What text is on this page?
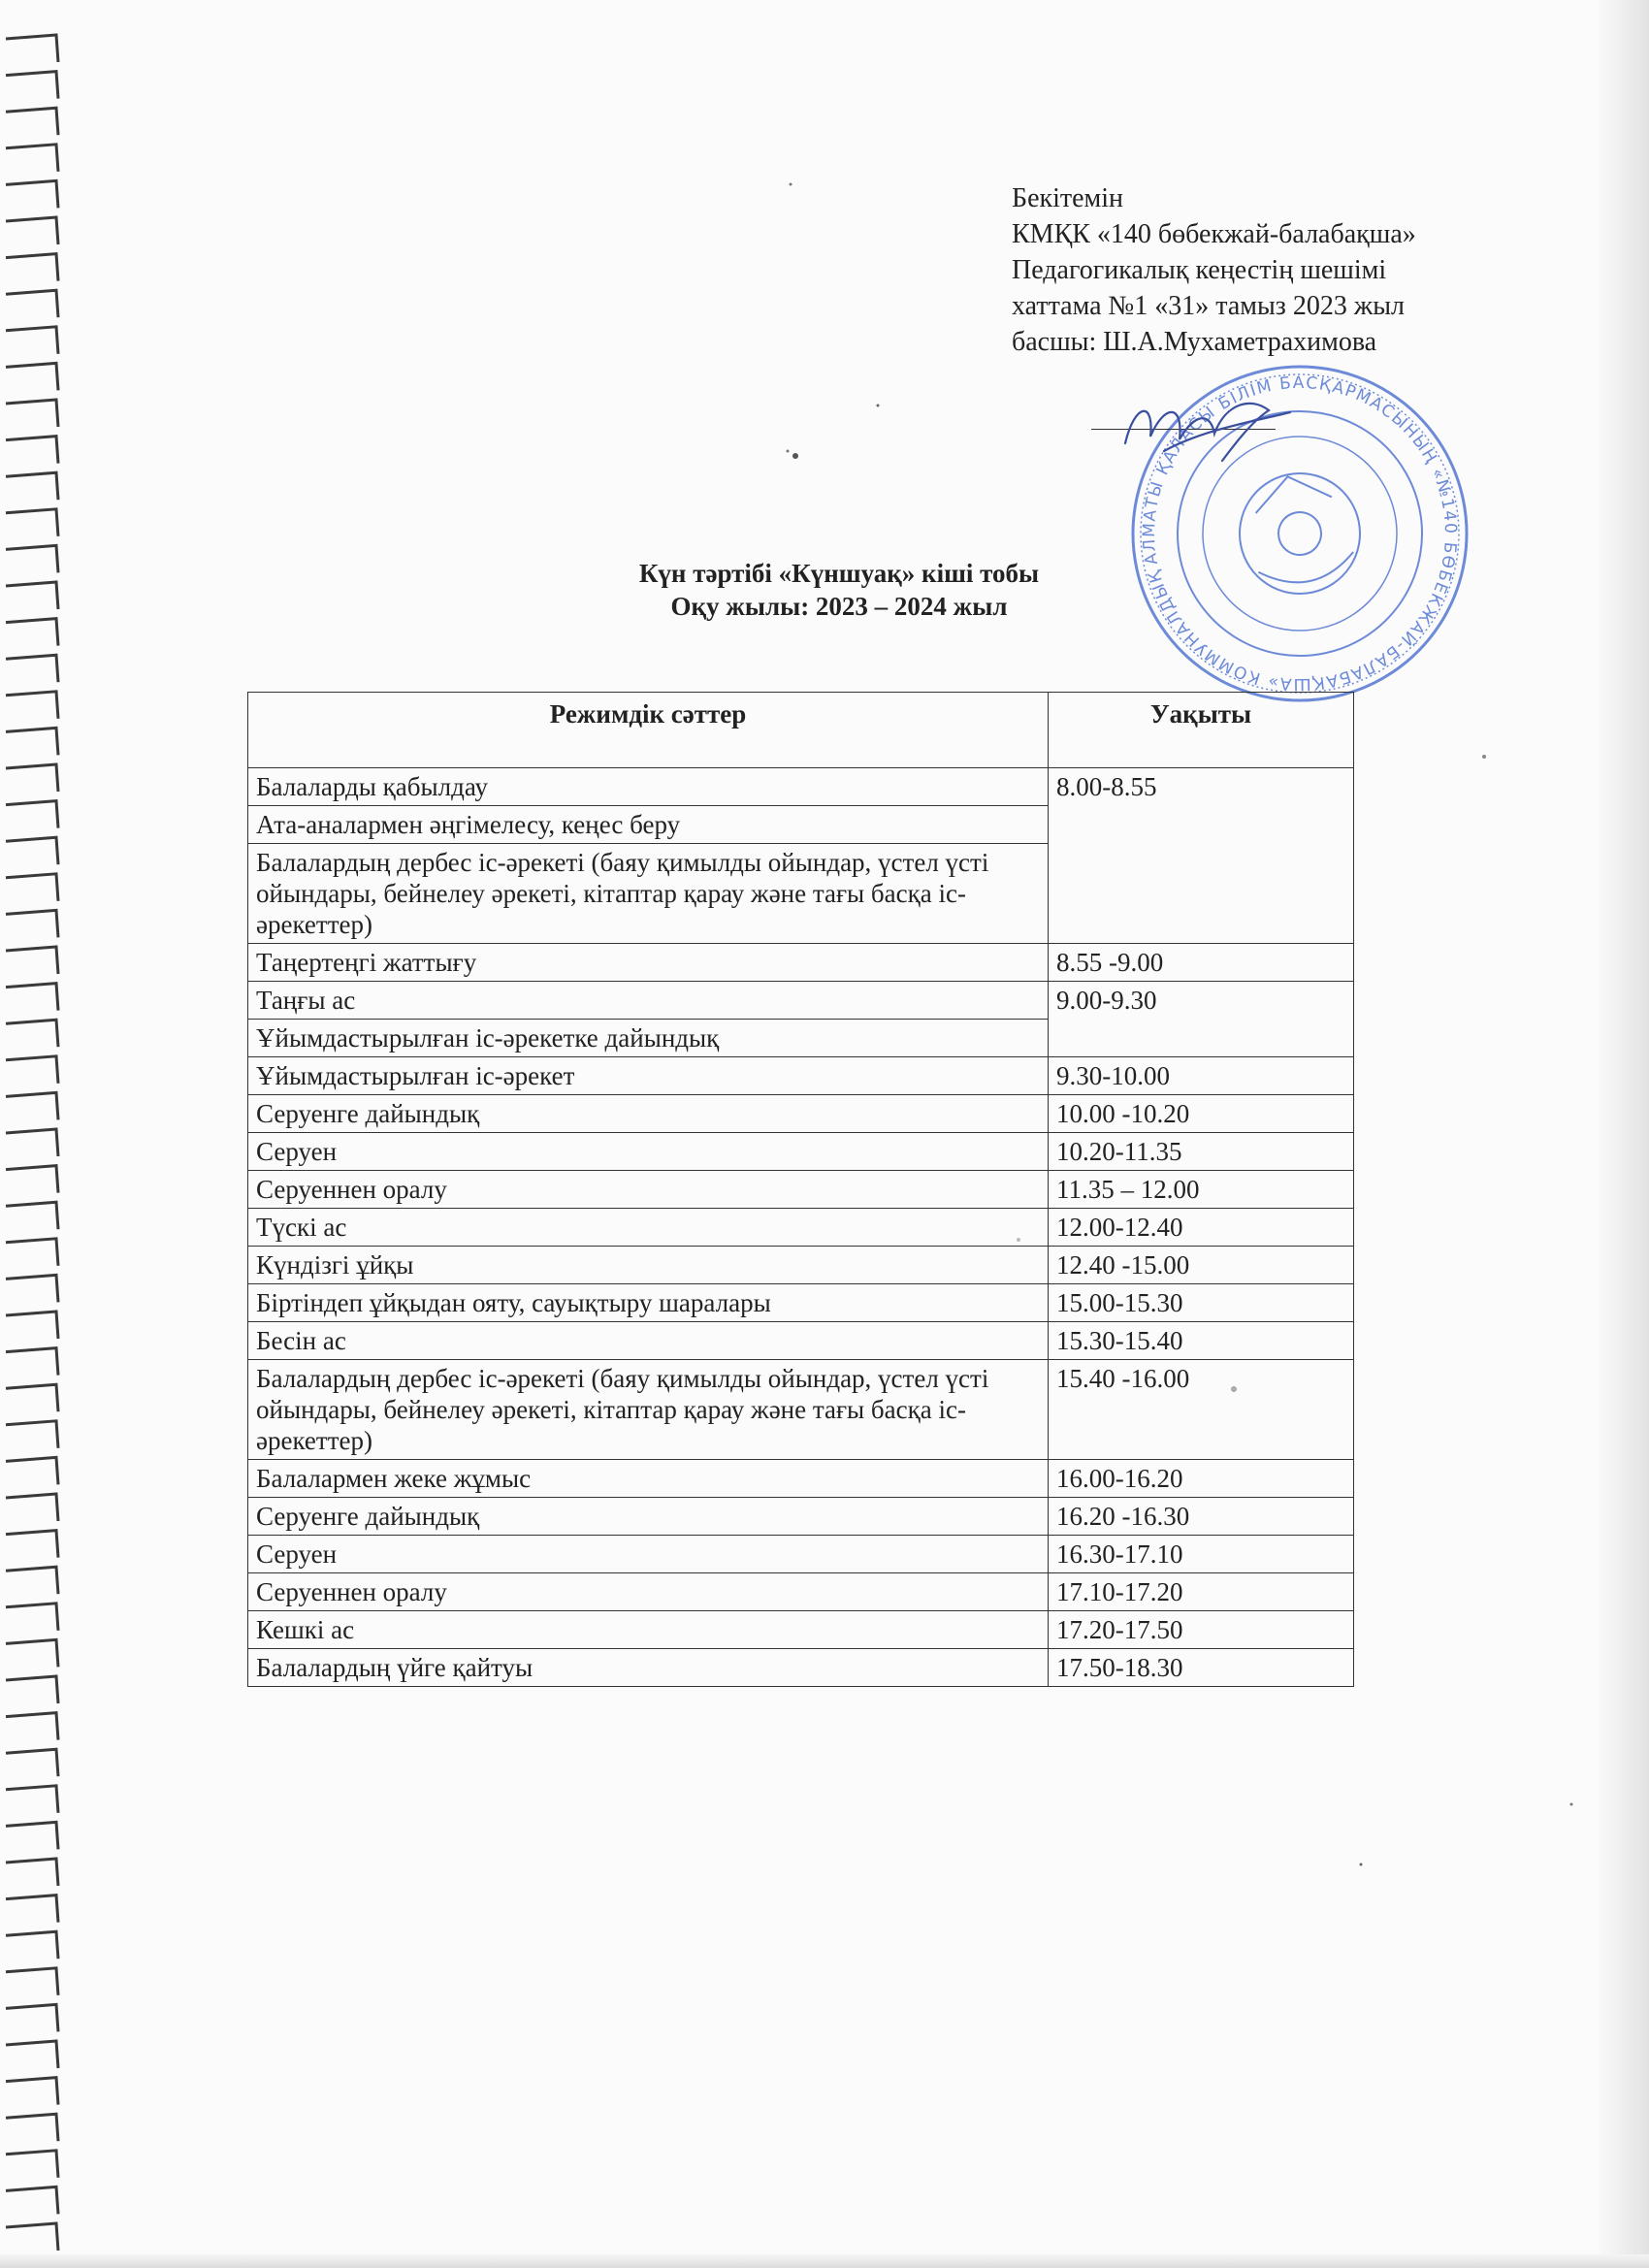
Бекітемін
КМҚК «140 бөбекжай-балабақша»
Педагогикалық кеңестің шешімі
хаттама №1 «31» тамыз 2023 жыл
басшы: Ш.А.Мухаметрахимова
АЛМАТЫ ҚАЛАСЫ БІЛІМ БАСҚАРМАСЫНЫҢ «№140 БӨБЕКЖАЙ-БАЛАБАҚША» КОММУНАЛДЫҚ
Күн тәртібі «Күншуақ» кіші тобы
Оқу жылы: 2023 – 2024 жыл
Режимдік сәттер	Уақыты
Балаларды қабылдау	8.00-8.55
Ата-аналармен әңгімелесу, кеңес беру	
Балалардың дербес іс-әрекеті (баяу қимылды ойындар, үстел үсті ойындары, бейнелеу әрекеті, кітаптар қарау және тағы басқа іс-әрекеттер)	
Таңертеңгі жаттығу	8.55 -9.00
Таңғы ас	9.00-9.30
Ұйымдастырылған іс-әрекетке дайындық	
Ұйымдастырылған іс-әрекет	9.30-10.00
Серуенге дайындық	10.00 -10.20
Серуен	10.20-11.35
Серуеннен оралу	11.35 – 12.00
Түскі ас	12.00-12.40
Күндізгі ұйқы	12.40 -15.00
Біртіндеп ұйқыдан ояту, сауықтыру шаралары	15.00-15.30
Бесін ас	15.30-15.40
Балалардың дербес іс-әрекеті (баяу қимылды ойындар, үстел үсті ойындары, бейнелеу әрекеті, кітаптар қарау және тағы басқа іс-әрекеттер)	15.40 -16.00
Балалармен жеке жұмыс	16.00-16.20
Серуенге дайындық	16.20 -16.30
Серуен	16.30-17.10
Серуеннен оралу	17.10-17.20
Кешкі ас	17.20-17.50
Балалардың үйге қайтуы	17.50-18.30
